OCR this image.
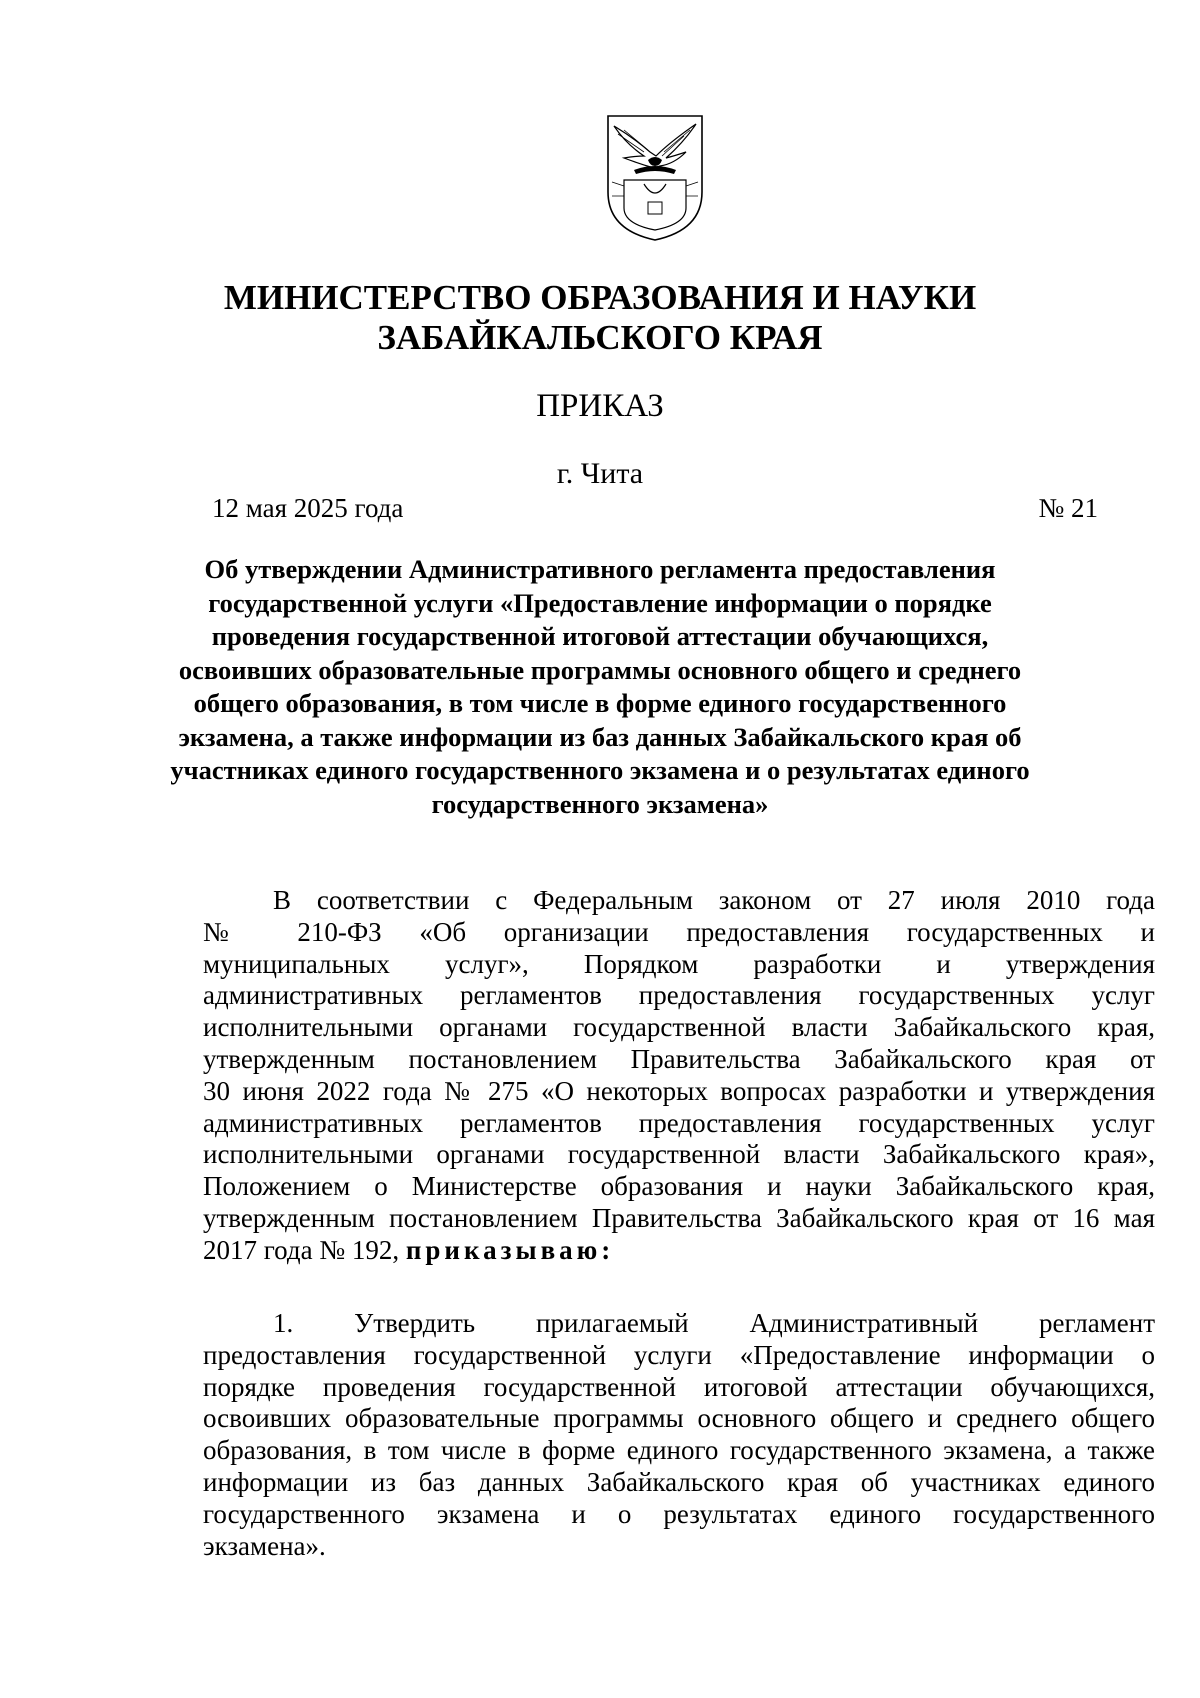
МИНИСТЕРСТВО ОБРАЗОВАНИЯ И НАУКИ
ЗАБАЙКАЛЬСКОГО КРАЯ
ПРИКАЗ
г. Чита
12 мая 2025 года	№ 21
Об утверждении Административного регламента предоставления
государственной услуги «Предоставление информации о порядке
проведения государственной итоговой аттестации обучающихся,
освоивших образовательные программы основного общего и среднего
общего образования, в том числе в форме единого государственного
экзамена, а также информации из баз данных Забайкальского края об
участниках единого государственного экзамена и о результатах единого
государственного экзамена»
В соответствии с Федеральным законом от 27 июля 2010 года
№ 210-ФЗ «Об организации предоставления государственных и
муниципальных услуг», Порядком разработки и утверждения
административных регламентов предоставления государственных услуг
исполнительными органами государственной власти Забайкальского края,
утвержденным постановлением Правительства Забайкальского края от
30 июня 2022 года № 275 «О некоторых вопросах разработки и утверждения
административных регламентов предоставления государственных услуг
исполнительными органами государственной власти Забайкальского края»,
Положением о Министерстве образования и науки Забайкальского края,
утвержденным постановлением Правительства Забайкальского края от 16 мая
2017 года № 192, приказываю:
1. Утвердить прилагаемый Административный регламент
предоставления государственной услуги «Предоставление информации о
порядке проведения государственной итоговой аттестации обучающихся,
освоивших образовательные программы основного общего и среднего общего
образования, в том числе в форме единого государственного экзамена, а также
информации из баз данных Забайкальского края об участниках единого
государственного экзамена и о результатах единого государственного
экзамена».
